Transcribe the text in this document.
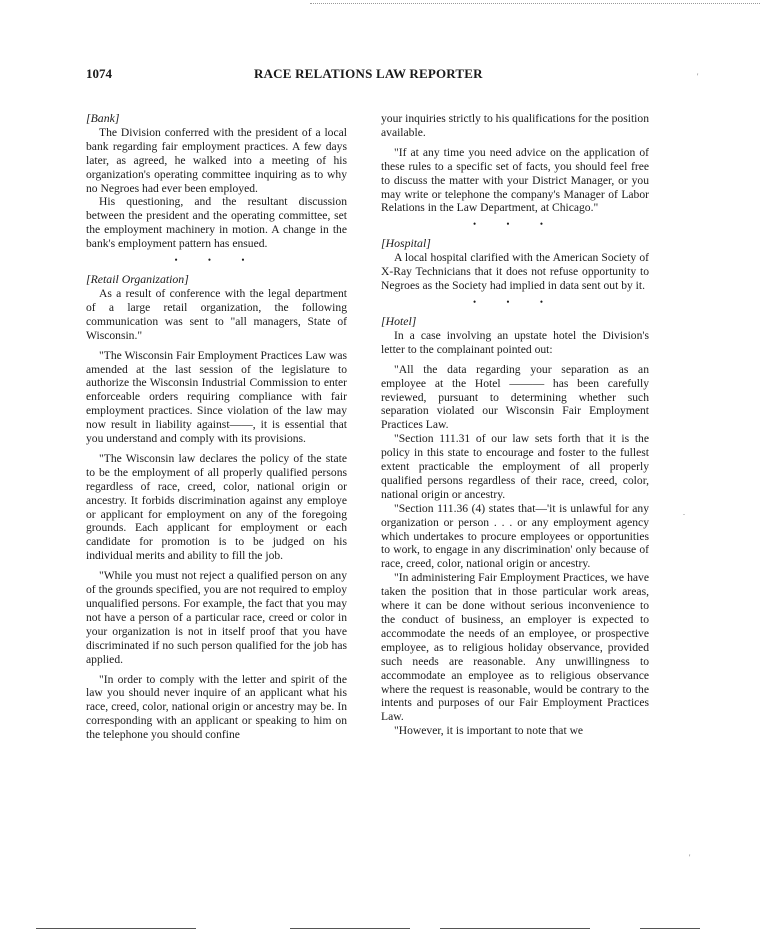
1074	RACE RELATIONS LAW REPORTER

[Bank]

The Division conferred with the president of a local bank regarding fair employment practices. A few days later, as agreed, he walked into a meeting of his organization's operating committee inquiring as to why no Negroes had ever been employed.

His questioning, and the resultant discussion between the president and the operating committee, set the employment machinery in motion. A change in the bank's employment pattern has ensued.

• • •

[Retail Organization]

As a result of conference with the legal department of a large retail organization, the following communication was sent to "all managers, State of Wisconsin."

"The Wisconsin Fair Employment Practices Law was amended at the last session of the legislature to authorize the Wisconsin Industrial Commission to enter enforceable orders requiring compliance with fair employment practices. Since violation of the law may now result in liability against——, it is essential that you understand and comply with its provisions.

"The Wisconsin law declares the policy of the state to be the employment of all properly qualified persons regardless of race, creed, color, national origin or ancestry. It forbids discrimination against any employe or applicant for employment on any of the foregoing grounds. Each applicant for employment or each candidate for promotion is to be judged on his individual merits and ability to fill the job.

"While you must not reject a qualified person on any of the grounds specified, you are not required to employ unqualified persons. For example, the fact that you may not have a person of a particular race, creed or color in your organization is not in itself proof that you have discriminated if no such person qualified for the job has applied.

"In order to comply with the letter and spirit of the law you should never inquire of an applicant what his race, creed, color, national origin or ancestry may be. In corresponding with an applicant or speaking to him on the telephone you should confine

your inquiries strictly to his qualifications for the position available.

"If at any time you need advice on the application of these rules to a specific set of facts, you should feel free to discuss the matter with your District Manager, or you may write or telephone the company's Manager of Labor Relations in the Law Department, at Chicago."

• • •

[Hospital]

A local hospital clarified with the American Society of X-Ray Technicians that it does not refuse opportunity to Negroes as the Society had implied in data sent out by it.

• • •

[Hotel]

In a case involving an upstate hotel the Division's letter to the complainant pointed out:

"All the data regarding your separation as an employee at the Hotel ——— has been carefully reviewed, pursuant to determining whether such separation violated our Wisconsin Fair Employment Practices Law.

"Section 111.31 of our law sets forth that it is the policy in this state to encourage and foster to the fullest extent practicable the employment of all properly qualified persons regardless of their race, creed, color, national origin or ancestry.

"Section 111.36 (4) states that—'it is unlawful for any organization or person . . . or any employment agency which undertakes to procure employees or opportunities to work, to engage in any discrimination' only because of race, creed, color, national origin or ancestry.

"In administering Fair Employment Practices, we have taken the position that in those particular work areas, where it can be done without serious inconvenience to the conduct of business, an employer is expected to accommodate the needs of an employee, or prospective employee, as to religious holiday observance, provided such needs are reasonable. Any unwillingness to accommodate an employee as to religious observance where the request is reasonable, would be contrary to the intents and purposes of our Fair Employment Practices Law.

"However, it is important to note that we

'
.
'
